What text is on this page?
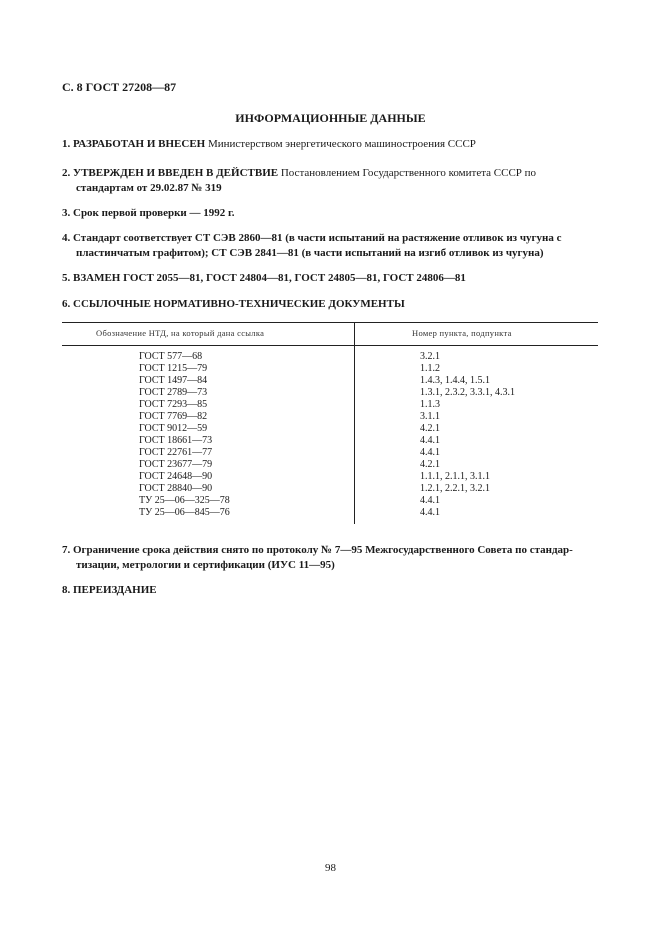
С. 8 ГОСТ 27208—87
ИНФОРМАЦИОННЫЕ ДАННЫЕ
1. РАЗРАБОТАН И ВНЕСЕН Министерством энергетического машиностроения СССР
2. УТВЕРЖДЕН И ВВЕДЕН В ДЕЙСТВИЕ Постановлением Государственного комитета СССР по
стандартам от 29.02.87 № 319
3. Срок первой проверки — 1992 г.
4. Стандарт соответствует СТ СЭВ 2860—81 (в части испытаний на растяжение отливок из чугуна с
пластинчатым графитом); СТ СЭВ 2841—81 (в части испытаний на изгиб отливок из чугуна)
5. ВЗАМЕН ГОСТ 2055—81, ГОСТ 24804—81, ГОСТ 24805—81, ГОСТ 24806—81
6. ССЫЛОЧНЫЕ НОРМАТИВНО-ТЕХНИЧЕСКИЕ ДОКУМЕНТЫ
Обозначение НТД, на который дана ссылка	Номер пункта, подпункта
ГОСТ 577—68
ГОСТ 1215—79
ГОСТ 1497—84
ГОСТ 2789—73
ГОСТ 7293—85
ГОСТ 7769—82
ГОСТ 9012—59
ГОСТ 18661—73
ГОСТ 22761—77
ГОСТ 23677—79
ГОСТ 24648—90
ГОСТ 28840—90
ТУ 25—06—325—78
ТУ 25—06—845—76
3.2.1
1.1.2
1.4.3, 1.4.4, 1.5.1
1.3.1, 2.3.2, 3.3.1, 4.3.1
1.1.3
3.1.1
4.2.1
4.4.1
4.4.1
4.2.1
1.1.1, 2.1.1, 3.1.1
1.2.1, 2.2.1, 3.2.1
4.4.1
4.4.1
7. Ограничение срока действия снято по протоколу № 7—95 Межгосударственного Совета по стандар-
тизации, метрологии и сертификации (ИУС 11—95)
8. ПЕРЕИЗДАНИЕ
98
